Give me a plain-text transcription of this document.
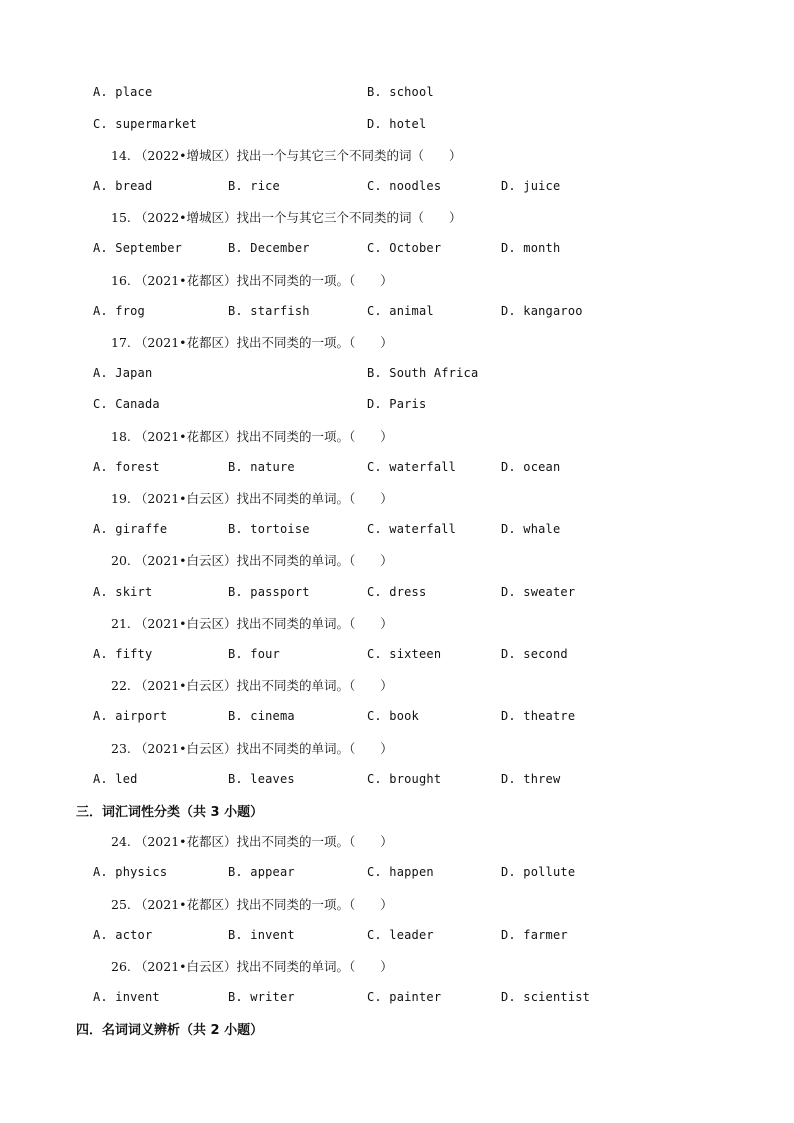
A. place	B. school
C. supermarket	D. hotel
14. （2022•增城区）找出一个与其它三个不同类的词（　　）
A. bread	B. rice	C. noodles	D. juice
15. （2022•增城区）找出一个与其它三个不同类的词（　　）
A. September	B. December	C. October	D. month
16. （2021•花都区）找出不同类的一项。（　　）
A. frog	B. starfish	C. animal	D. kangaroo
17. （2021•花都区）找出不同类的一项。（　　）
A. Japan	B. South Africa
C. Canada	D. Paris
18. （2021•花都区）找出不同类的一项。（　　）
A. forest	B. nature	C. waterfall	D. ocean
19. （2021•白云区）找出不同类的单词。（　　）
A. giraffe	B. tortoise	C. waterfall	D. whale
20. （2021•白云区）找出不同类的单词。（　　）
A. skirt	B. passport	C. dress	D. sweater
21. （2021•白云区）找出不同类的单词。（　　）
A. fifty	B. four	C. sixteen	D. second
22. （2021•白云区）找出不同类的单词。（　　）
A. airport	B. cinema	C. book	D. theatre
23. （2021•白云区）找出不同类的单词。（　　）
A. led	B. leaves	C. brought	D. threw
三．词汇词性分类（共 3 小题）
24. （2021•花都区）找出不同类的一项。（　　）
A. physics	B. appear	C. happen	D. pollute
25. （2021•花都区）找出不同类的一项。（　　）
A. actor	B. invent	C. leader	D. farmer
26. （2021•白云区）找出不同类的单词。（　　）
A. invent	B. writer	C. painter	D. scientist
四．名词词义辨析（共 2 小题）
